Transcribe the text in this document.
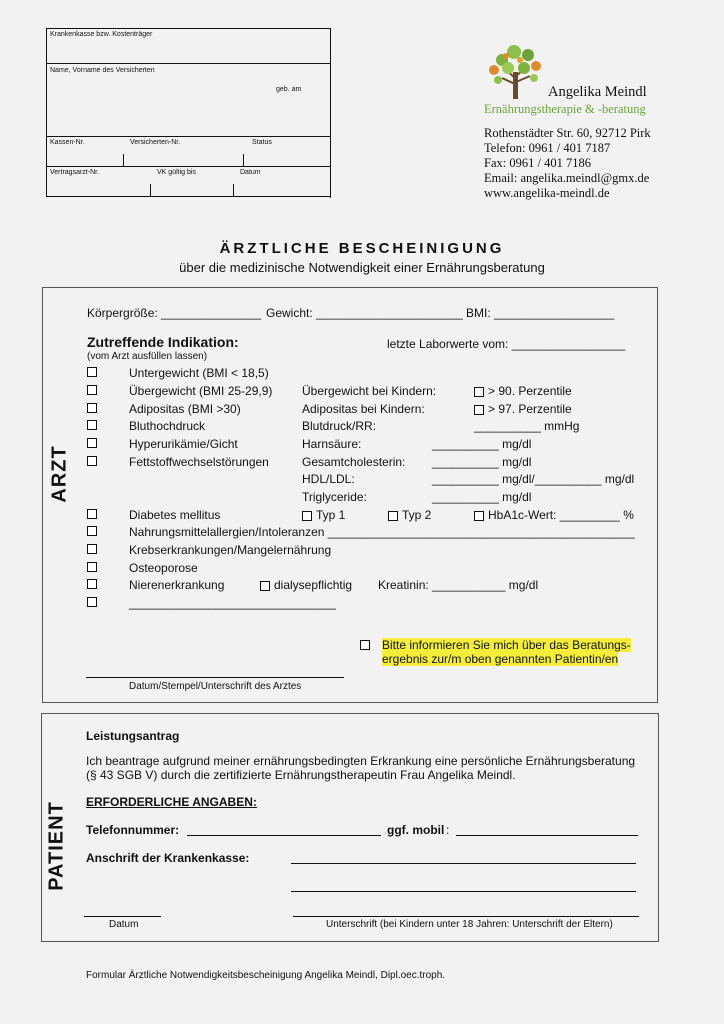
Krankenkasse bzw. Kostenträger
Name, Vorname des Versicherten
geb. am
Kassen-Nr.	Versicherten-Nr.	Status
Vertragsarzt-Nr.	VK gültig bis	Datum
Angelika Meindl
Ernährungstherapie & -beratung
Rothenstädter Str. 60, 92712 Pirk
Telefon: 0961 / 401 7187
Fax: 0961 / 401 7186
Email: angelika.meindl@gmx.de
www.angelika-meindl.de
ÄRZTLICHE BESCHEINIGUNG
über die medizinische Notwendigkeit einer Ernährungsberatung
ARZT
Körpergröße: _______________ Gewicht: ______________________ BMI: __________________
Zutreffende Indikation:
(vom Arzt ausfüllen lassen)
letzte Laborwerte vom: _________________
Untergewicht (BMI < 18,5)
Übergewicht (BMI 25-29,9) Übergewicht bei Kindern:	> 90. Perzentile
Adipositas (BMI >30)	Adipositas bei Kindern:	> 97. Perzentile
Bluthochdruck	Blutdruck/RR:	__________ mmHg
Hyperurikämie/Gicht	Harnsäure:	__________ mg/dl
Fettstoffwechselstörungen	Gesamtcholesterin: __________ mg/dl
HDL/LDL:	__________ mg/dl/__________ mg/dl
Triglyceride:	__________ mg/dl
Diabetes mellitus	Typ 1	Typ 2	HbA1c-Wert: _________ %
Nahrungsmittelallergien/Intoleranzen ______________________________________________
Krebserkrankungen/Mangelernährung
Osteoporose
Nierenerkrankung	dialysepflichtig Kreatinin: ___________ mg/dl
_______________________________
Bitte informieren Sie mich über das Beratungs-
ergebnis zur/m oben genannten Patientin/en
Datum/Stempel/Unterschrift des Arztes
PATIENT
Leistungsantrag
Ich beantrage aufgrund meiner ernährungsbedingten Erkrankung eine persönliche Ernährungsberatung
(§ 43 SGB V) durch die zertifizierte Ernährungstherapeutin Frau Angelika Meindl.
ERFORDERLICHE ANGABEN:
Telefonnummer:	ggf. mobil :
Anschrift der Krankenkasse:
Datum	Unterschrift (bei Kindern unter 18 Jahren: Unterschrift der Eltern)
Formular Ärztliche Notwendigkeitsbescheinigung Angelika Meindl, Dipl.oec.troph.
